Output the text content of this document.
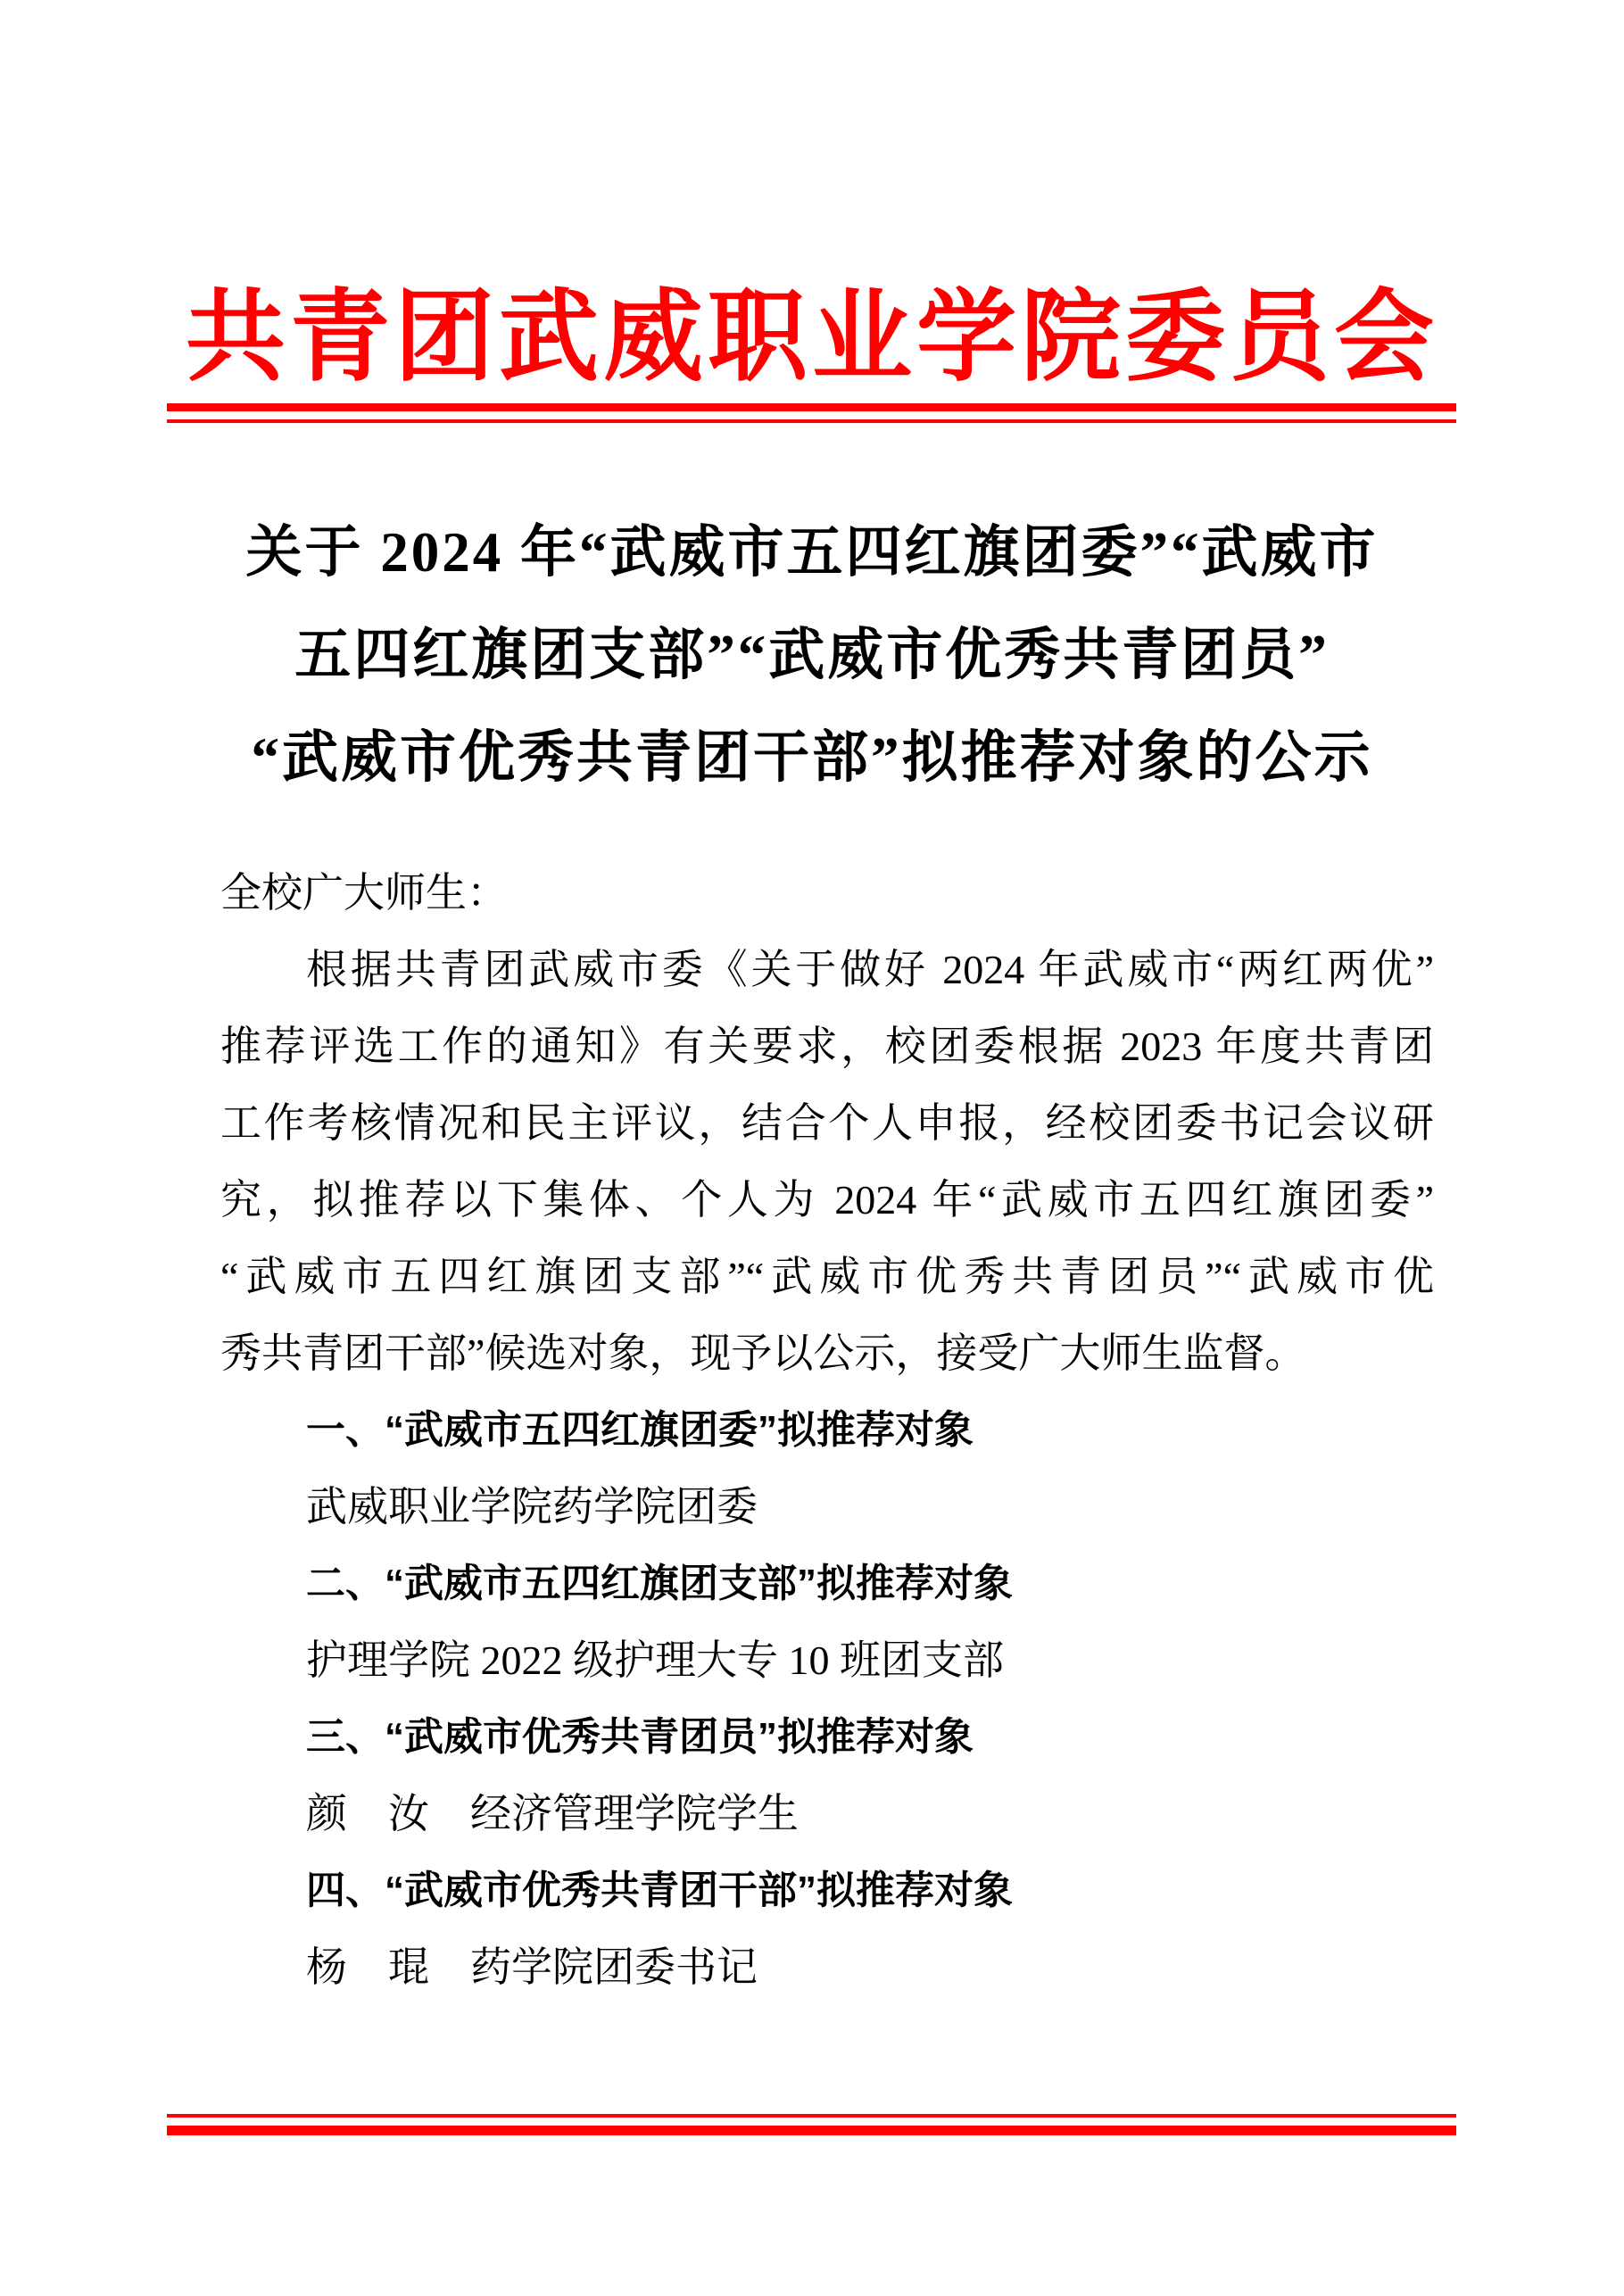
共青团武威职业学院委员会
关于 2024 年“武威市五四红旗团委”“武威市
五四红旗团支部”“武威市优秀共青团员”
“武威市优秀共青团干部”拟推荐对象的公示
全校广大师生：
根据共青团武威市委《关于做好 2024 年武威市“两红两优”
推荐评选工作的通知》有关要求，校团委根据 2023 年度共青团
工作考核情况和民主评议，结合个人申报，经校团委书记会议研
究，拟推荐以下集体、个人为 2024 年“武威市五四红旗团委”
“武威市五四红旗团支部”“武威市优秀共青团员”“武威市优
秀共青团干部”候选对象，现予以公示，接受广大师生监督。
一、“武威市五四红旗团委”拟推荐对象
武威职业学院药学院团委
二、“武威市五四红旗团支部”拟推荐对象
护理学院 2022 级护理大专 10 班团支部
三、“武威市优秀共青团员”拟推荐对象
颜　汝　经济管理学院学生
四、“武威市优秀共青团干部”拟推荐对象
杨　琨　药学院团委书记
